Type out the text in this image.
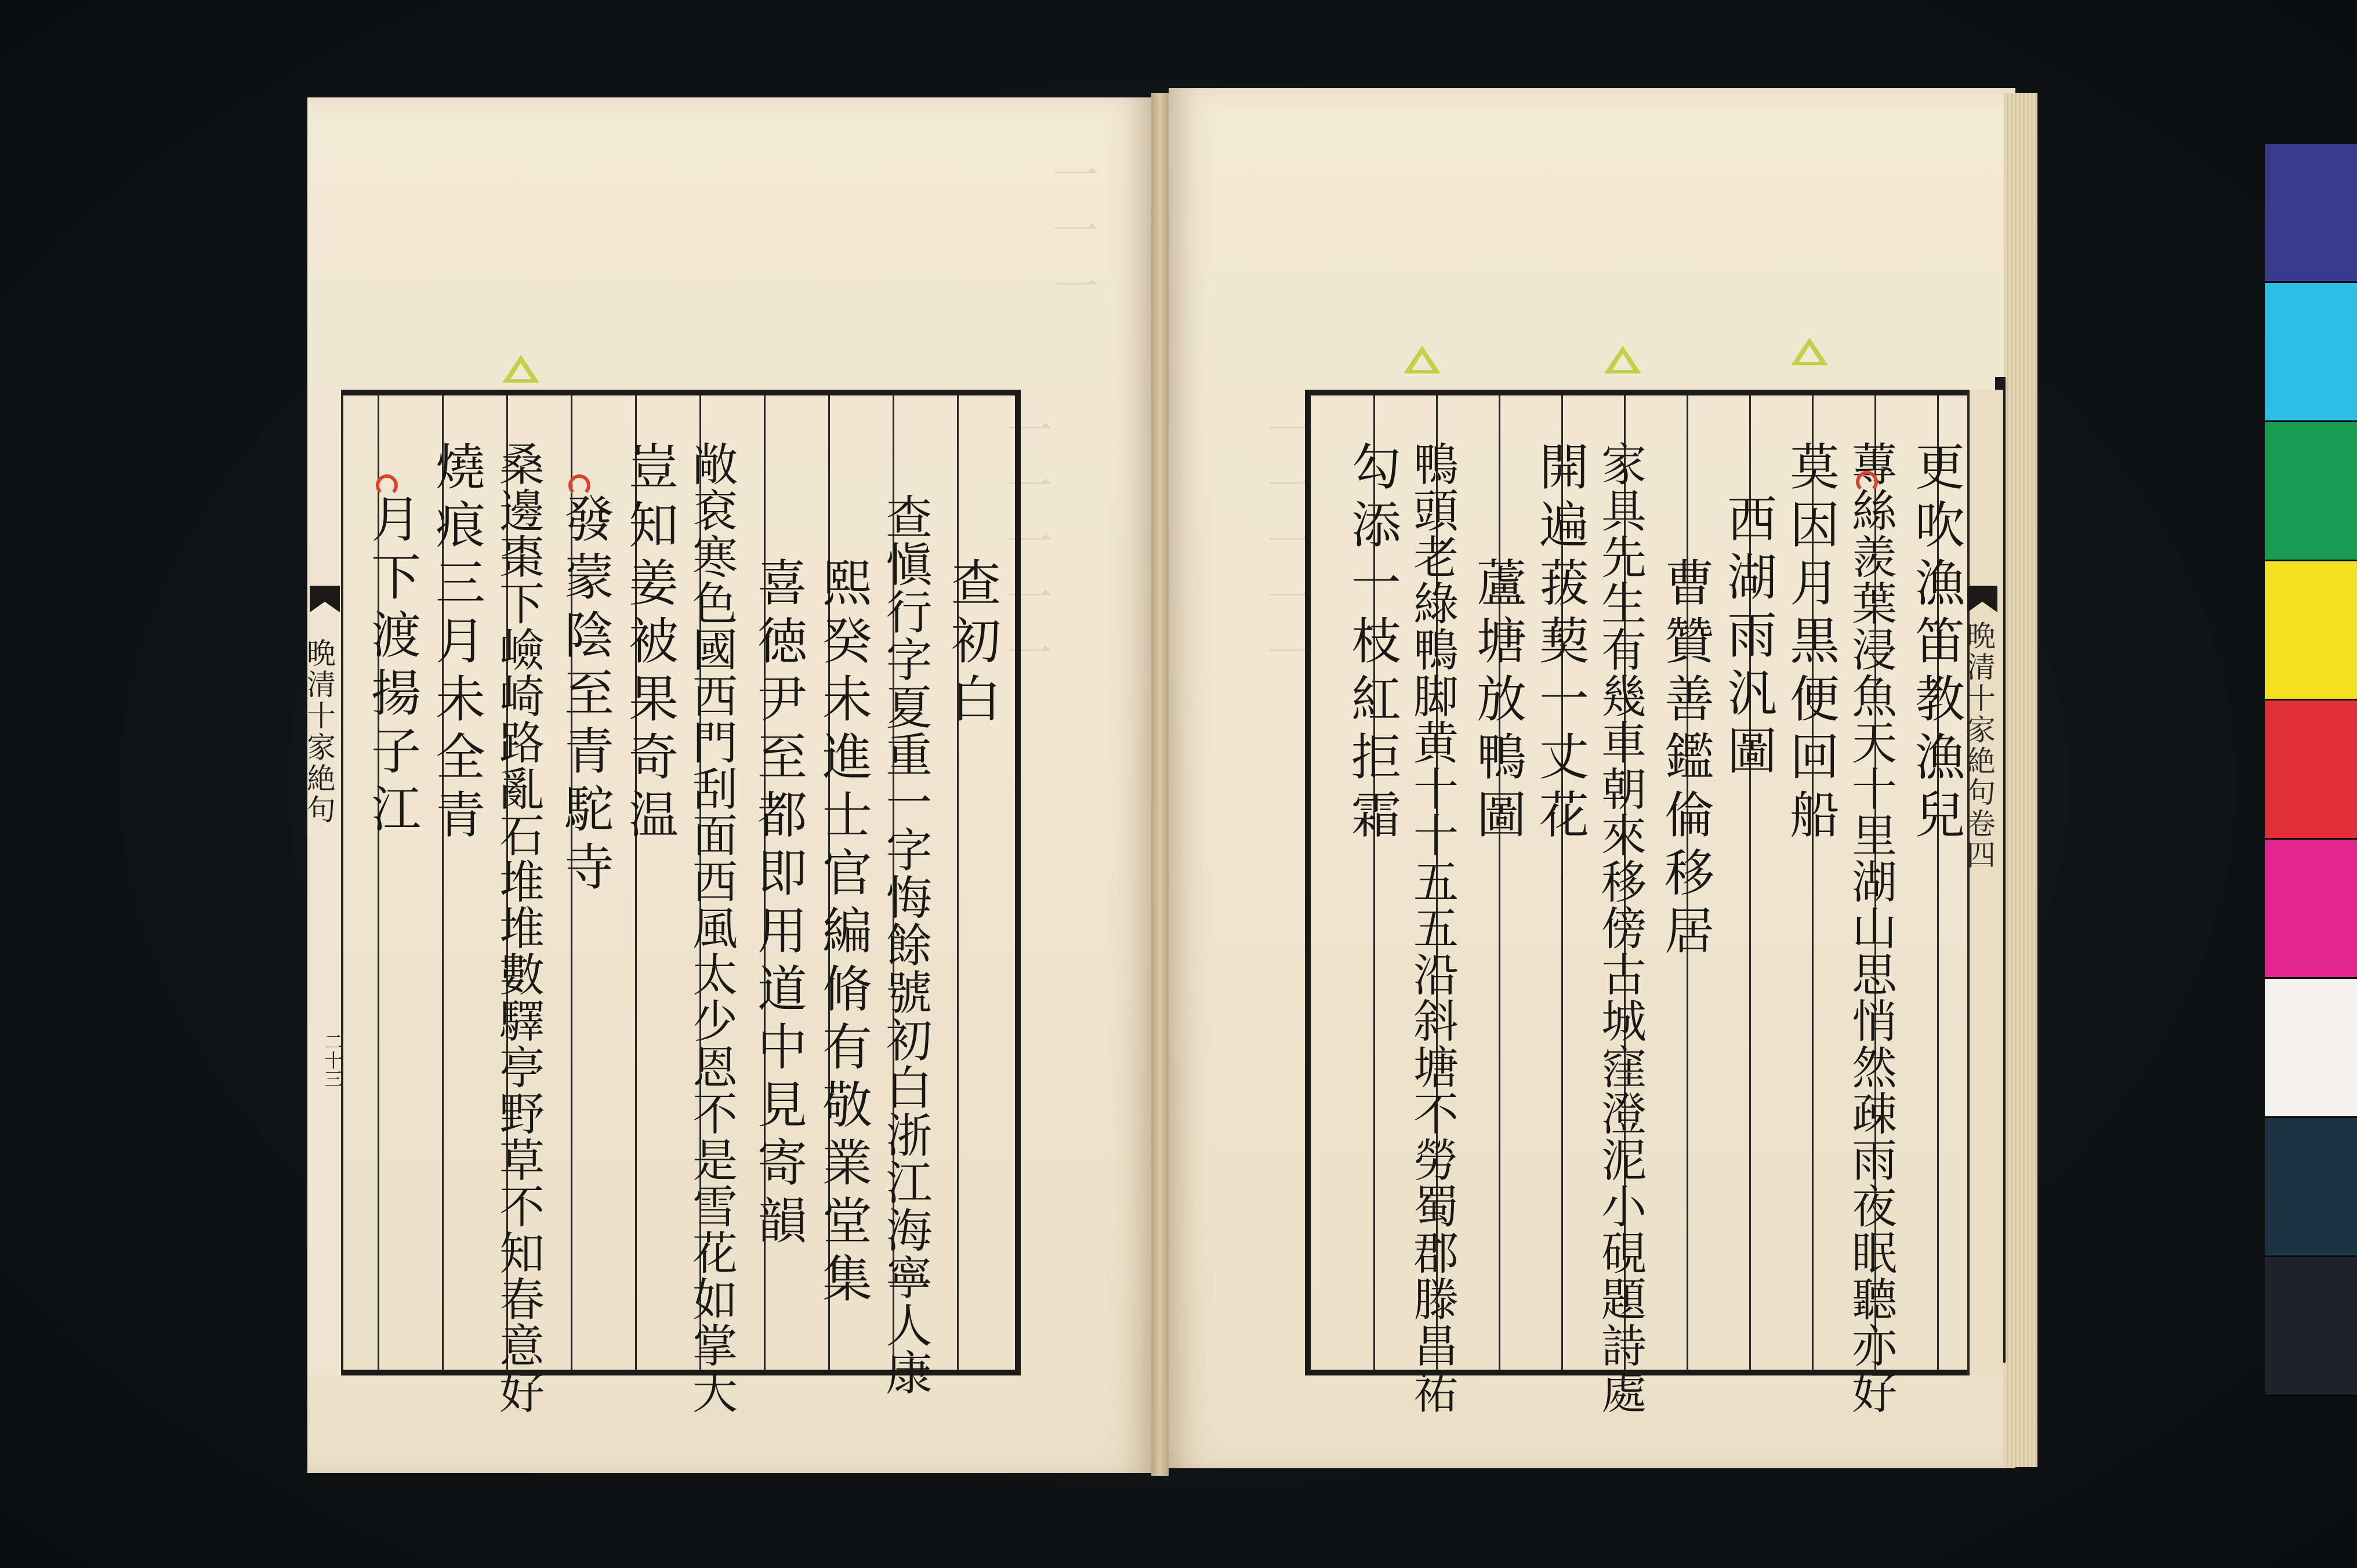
一一一
一一一一一	一一一一一
晩清十家絶句
二十三
查初白
查愼行字夏重一字悔餘號初白浙江海寧人康
熙癸未進士官編脩有敬業堂集
喜徳尹至都即用道中見寄韻
敞袞寒色國西門刮面西風太少恩不是雪花如掌大
豈知姜被果奇温
發蒙陰至青駝寺
桑邊棗下嶮崎路亂石堆堆數驛亭野草不知春意好
燒痕三月未全青
月下渡揚子江	晩清十家絶句卷四
更吹漁笛教漁兒
蓴絲羨葉浸魚天十里湖山思悄然疎雨夜眠聽亦好
莫因月黒便回船
西湖雨汎圖
曹贊善鑑倫移居
家具先生有幾車朝來移傍古城窪澄泥小硯題詩處
開遍菝葜一丈花
蘆塘放鴨圖
鴨頭老綠鴨脚黄十十五五沿斜塘不勞蜀郡滕昌祐
勾添一枝紅拒霜
